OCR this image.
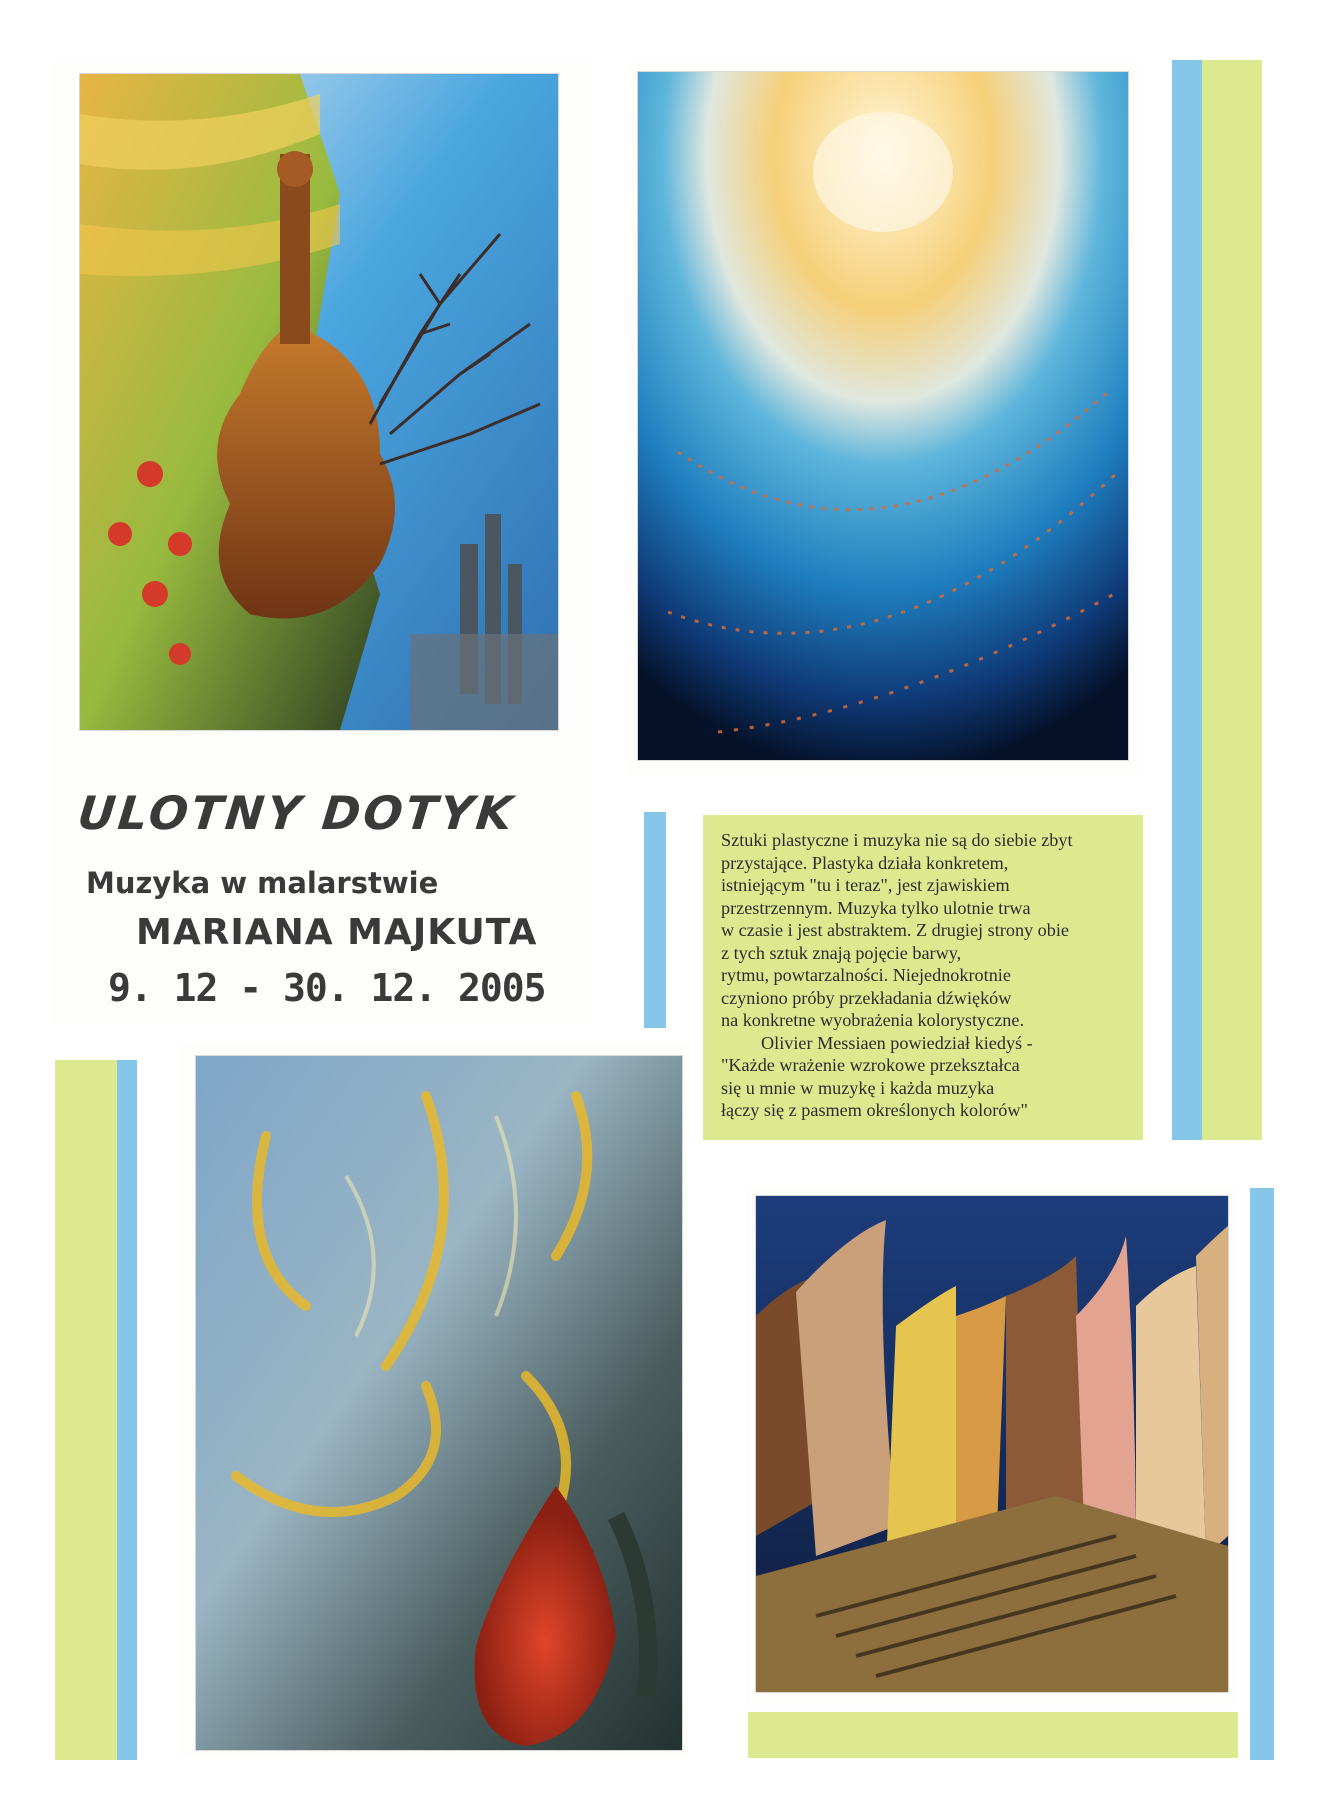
ULOTNY DOTYK
Muzyka w malarstwie
MARIANA MAJKUTA
9. 12 - 30. 12. 2005

Sztuki plastyczne i muzyka nie są do siebie zbyt
przystające. Plastyka działa konkretem,
istniejącym "tu i teraz", jest zjawiskiem
przestrzennym. Muzyka tylko ulotnie trwa
w czasie i jest abstraktem. Z drugiej strony obie
z tych sztuk znają pojęcie barwy,
rytmu, powtarzalności. Niejednokrotnie
czyniono próby przekładania dźwięków
na konkretne wyobrażenia kolorystyczne.
Olivier Messiaen powiedział kiedyś -
"Każde wrażenie wzrokowe przekształca
się u mnie w muzykę i każda muzyka
łączy się z pasmem określonych kolorów"
